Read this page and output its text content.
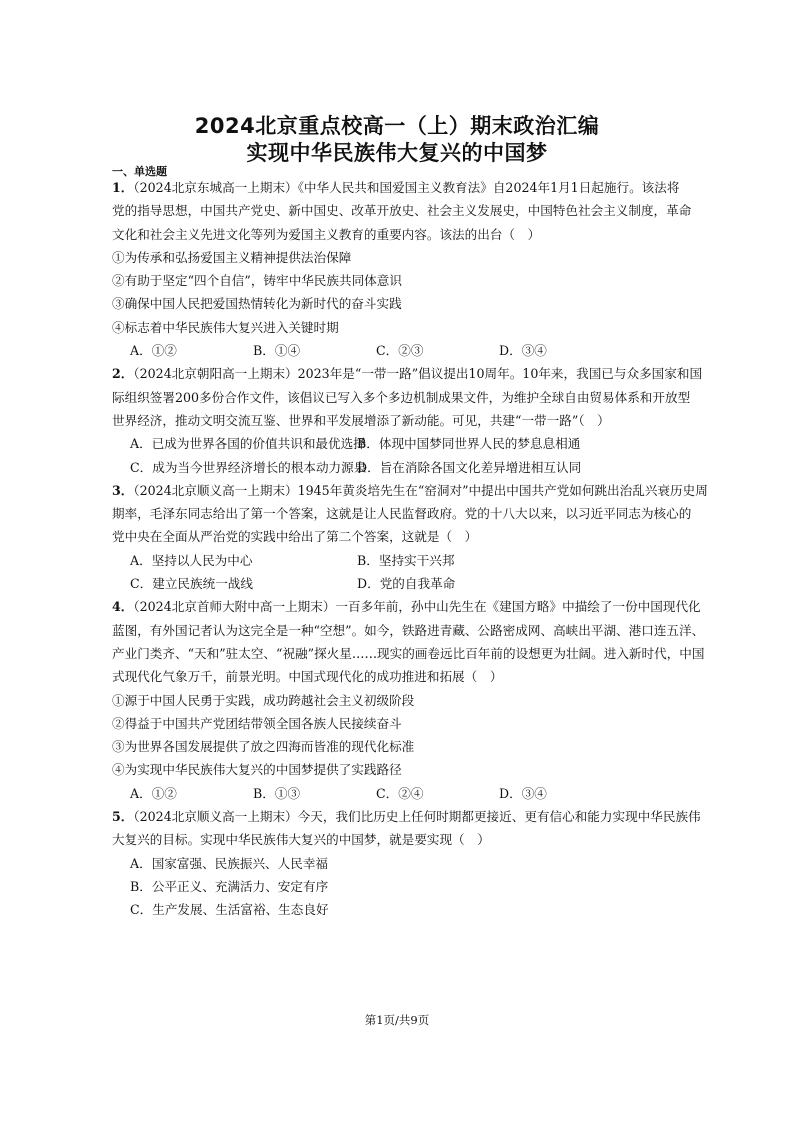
2024北京重点校高一（上）期末政治汇编
实现中华民族伟大复兴的中国梦
一、单选题
1．（2024北京东城高一上期末）《中华人民共和国爱国主义教育法》自2024年1月1日起施行。该法将
党的指导思想，中国共产党史、新中国史、改革开放史、社会主义发展史，中国特色社会主义制度，革命
文化和社会主义先进文化等列为爱国主义教育的重要内容。该法的出台（　）
①为传承和弘扬爱国主义精神提供法治保障
②有助于坚定“四个自信”，铸牢中华民族共同体意识
③确保中国人民把爱国热情转化为新时代的奋斗实践
④标志着中华民族伟大复兴进入关键时期
A．①②	B．①④	C．②③	D．③④
2．（2024北京朝阳高一上期末）2023年是“一带一路”倡议提出10周年。10年来，我国已与众多国家和国
际组织签署200多份合作文件，该倡议已写入多个多边机制成果文件，为维护全球自由贸易体系和开放型
世界经济，推动文明交流互鉴、世界和平发展增添了新动能。可见，共建“一带一路”（　）
A．已成为世界各国的价值共识和最优选择B．体现中国梦同世界人民的梦息息相通
C．成为当今世界经济增长的根本动力源泉D．旨在消除各国文化差异增进相互认同
3．（2024北京顺义高一上期末）1945年黄炎培先生在“窑洞对”中提出中国共产党如何跳出治乱兴衰历史周
期率，毛泽东同志给出了第一个答案，这就是让人民监督政府。党的十八大以来，以习近平同志为核心的
党中央在全面从严治党的实践中给出了第二个答案，这就是（　）
A．坚持以人民为中心	B．坚持实干兴邦
C．建立民族统一战线	D．党的自我革命
4．（2024北京首师大附中高一上期末）一百多年前，孙中山先生在《建国方略》中描绘了一份中国现代化
蓝图，有外国记者认为这完全是一种“空想”。如今，铁路进青藏、公路密成网、高峡出平湖、港口连五洋、
产业门类齐、“天和”驻太空、“祝融”探火星……现实的画卷远比百年前的设想更为壮阔。进入新时代，中国
式现代化气象万千，前景光明。中国式现代化的成功推进和拓展（　）
①源于中国人民勇于实践，成功跨越社会主义初级阶段
②得益于中国共产党团结带领全国各族人民接续奋斗
③为世界各国发展提供了放之四海而皆准的现代化标准
④为实现中华民族伟大复兴的中国梦提供了实践路径
A．①②	B．①③	C．②④	D．③④
5．（2024北京顺义高一上期末）今天，我们比历史上任何时期都更接近、更有信心和能力实现中华民族伟
大复兴的目标。实现中华民族伟大复兴的中国梦，就是要实现（　）
A．国家富强、民族振兴、人民幸福
B．公平正义、充满活力、安定有序
C．生产发展、生活富裕、生态良好
第1页/共9页
